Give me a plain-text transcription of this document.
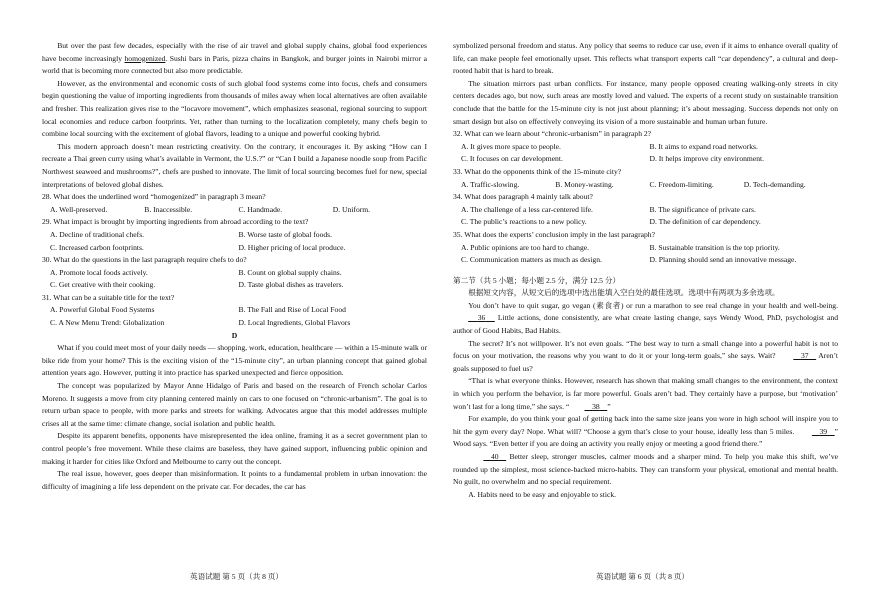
But over the past few decades, especially with the rise of air travel and global supply chains, global food experiences have become increasingly homogenized. Sushi bars in Paris, pizza chains in Bangkok, and burger joints in Nairobi mirror a world that is becoming more connected but also more predictable.

However, as the environmental and economic costs of such global food systems come into focus, chefs and consumers begin questioning the value of importing ingredients from thousands of miles away when local alternatives are often available and fresher. This realization gives rise to the “locavore movement”, which emphasizes seasonal, regional sourcing to support local economies and reduce carbon footprints. Yet, rather than turning to the localization completely, many chefs begin to combine local sourcing with the excitement of global flavors, leading to a unique and powerful cooking hybrid.

This modern approach doesn’t mean restricting creativity. On the contrary, it encourages it. By asking “How can I recreate a Thai green curry using what’s available in Vermont, the U.S.?” or “Can I build a Japanese noodle soup from Pacific Northwest seaweed and mushrooms?”, chefs are pushed to innovate. The limit of local sourcing becomes fuel for new, special interpretations of beloved global dishes.

28. What does the underlined word “homogenized” in paragraph 3 mean?

A. Well-preserved.	B. Inaccessible.	C. Handmade.	D. Uniform.

29. What impact is brought by importing ingredients from abroad according to the text?

A. Decline of traditional chefs.	B. Worse taste of global foods.
C. Increased carbon footprints.	D. Higher pricing of local produce.

30. What do the questions in the last paragraph require chefs to do?

A. Promote local foods actively.	B. Count on global supply chains.
C. Get creative with their cooking.	D. Taste global dishes as travelers.

31. What can be a suitable title for the text?

A. Powerful Global Food Systems	B. The Fall and Rise of Local Food
C. A New Menu Trend: Globalization	D. Local Ingredients, Global Flavors

D

What if you could meet most of your daily needs — shopping, work, education, healthcare — within a 15-minute walk or bike ride from your home? This is the exciting vision of the “15-minute city”, an urban planning concept that gained global attention years ago. However, putting it into practice has sparked unexpected and fierce opposition.

The concept was popularized by Mayor Anne Hidalgo of Paris and based on the research of French scholar Carlos Moreno. It suggests a move from city planning centered mainly on cars to one focused on “chronic-urbanism”. The goal is to return urban space to people, with more parks and streets for walking. Advocates argue that this model addresses multiple crises all at the same time: climate change, social isolation and public health.

Despite its apparent benefits, opponents have misrepresented the idea online, framing it as a secret government plan to control people’s free movement. While these claims are baseless, they have gained support, influencing public opinion and making it harder for cities like Oxford and Melbourne to carry out the concept.

The real issue, however, goes deeper than misinformation. It points to a fundamental problem in urban innovation: the difficulty of imagining a life less dependent on the private car. For decades, the car has

symbolized personal freedom and status. Any policy that seems to reduce car use, even if it aims to enhance overall quality of life, can make people feel emotionally upset. This reflects what transport experts call “car dependency”, a cultural and deep-rooted habit that is hard to break.

The situation mirrors past urban conflicts. For instance, many people opposed creating walking-only streets in city centers decades ago, but now, such areas are mostly loved and valued. The experts of a recent study on sustainable transition conclude that the battle for the 15-minute city is not just about planning; it’s about messaging. Success depends not only on smart design but also on effectively conveying its vision of a more sustainable and human urban future.

32. What can we learn about “chronic-urbanism” in paragraph 2?

A. It gives more space to people.	B. It aims to expand road networks.
C. It focuses on car development.	D. It helps improve city environment.

33. What do the opponents think of the 15-minute city?

A. Traffic-slowing.	B. Money-wasting.	C. Freedom-limiting.	D. Tech-demanding.

34. What does paragraph 4 mainly talk about?

A. The challenge of a less car-centered life.	B. The significance of private cars.
C. The public’s reactions to a new policy.	D. The definition of car dependency.

35. What does the experts’ conclusion imply in the last paragraph?

A. Public opinions are too hard to change.	B. Sustainable transition is the top priority.
C. Communication matters as much as design.	D. Planning should send an innovative message.

第二节（共 5 小题；每小题 2.5 分，满分 12.5 分）

根据短文内容，从短文后的选项中选出能填入空白处的最佳选项。选项中有两项为多余选项。

You don’t have to quit sugar, go vegan (素食者) or run a marathon to see real change in your health and well-being.      36      Little actions, done consistently, are what create lasting change, says Wendy Wood, PhD, psychologist and author of Good Habits, Bad Habits.

The secret? It’s not willpower. It’s not even goals. “The best way to turn a small change into a powerful habit is not to focus on your motivation, the reasons why you want to do it or your long-term goals,” she says. Wait?	37     Aren’t goals supposed to fuel us?

“That is what everyone thinks. However, research has shown that making small changes to the environment, the context in which you perform the behavior, is far more powerful. Goals aren’t bad. They certainly have a purpose, but ‘motivation’ won’t last for a long time,” she says. “	38 ”

For example, do you think your goal of getting back into the same size jeans you wore in high school will inspire you to hit the gym every day? Nope. What will? “Choose a gym that’s close to your house, ideally less than 5 miles.	39 ” Wood says. “Even better if you are doing an activity you really enjoy or meeting a good friend there.”

40     Better sleep, stronger muscles, calmer moods and a sharper mind. To help you make this shift, we’ve rounded up the simplest, most science-backed micro-habits. They can transform your physical, emotional and mental health. No guilt, no overwhelm and no special requirement.

A. Habits need to be easy and enjoyable to stick.

英语试题 第 5 页（共 8 页）	英语试题 第 6 页（共 8 页）
